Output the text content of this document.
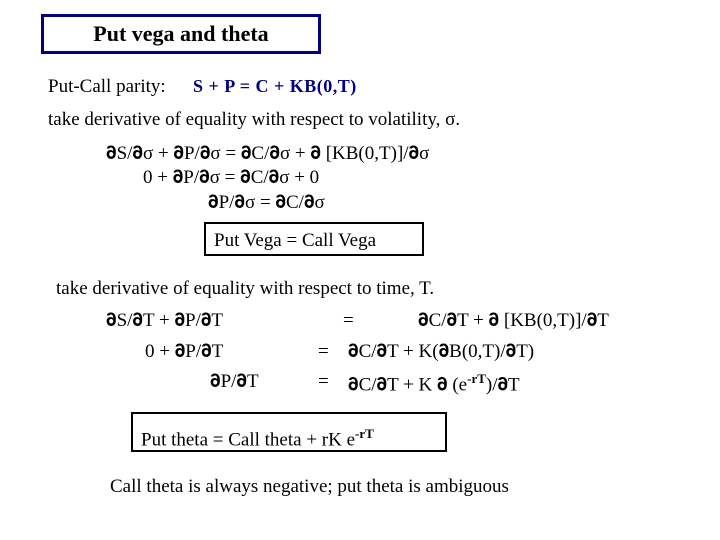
Put vega and theta
Put-Call parity: S + P = C + KB(0,T)
take derivative of equality with respect to volatility, σ.
𝛛S/𝛛σ + 𝛛P/𝛛σ = 𝛛C/𝛛σ + 𝛛 [KB(0,T)]/𝛛σ
0 + 𝛛P/𝛛σ = 𝛛C/𝛛σ + 0
𝛛P/𝛛σ = 𝛛C/𝛛σ
Put Vega = Call Vega
take derivative of equality with respect to time, T.
𝛛S/𝛛T + 𝛛P/𝛛T	=	𝛛C/𝛛T + 𝛛 [KB(0,T)]/𝛛T
0 + 𝛛P/𝛛T	= 𝛛C/𝛛T + K(𝛛B(0,T)/𝛛T)
𝛛P/𝛛T	= 𝛛C/𝛛T + K 𝛛 $(e^{-rT})/𝛛T$
Put theta = Call theta + rK $e^{-rT}$
Call theta is always negative; put theta is ambiguous
